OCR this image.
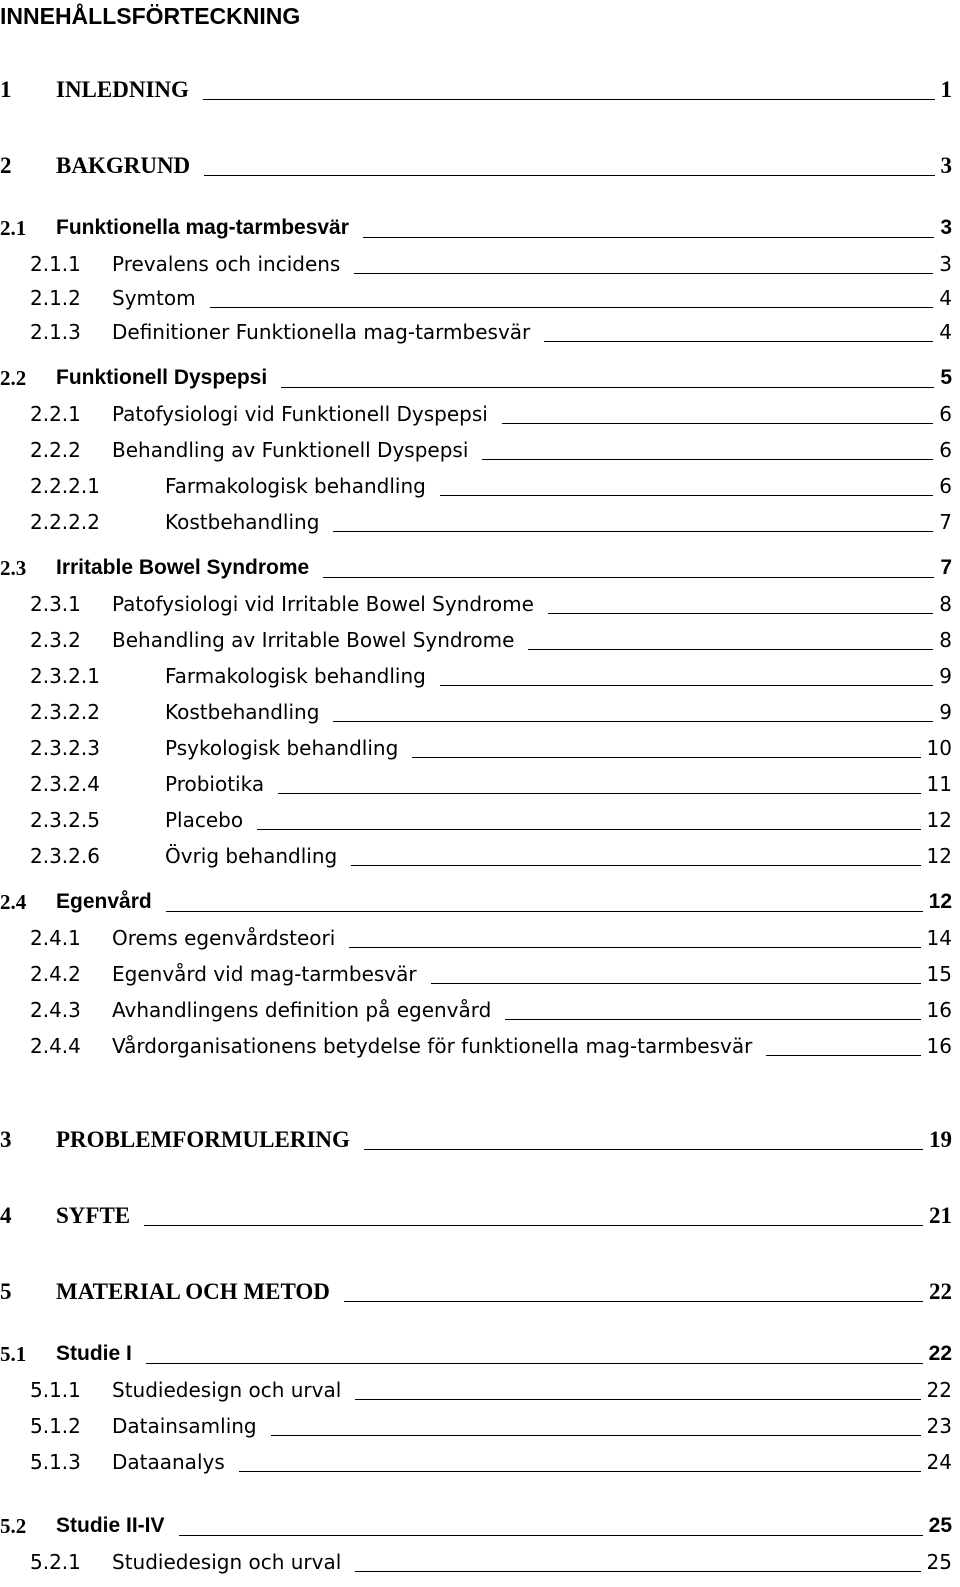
INNEHÅLLSFÖRTECKNING
1	INLEDNING	1
2	BAKGRUND	3
2.1	Funktionella mag-tarmbesvär	3
2.1.1	Prevalens och incidens	3
2.1.2	Symtom	4
2.1.3	Definitioner Funktionella mag-tarmbesvär	4
2.2	Funktionell Dyspepsi	5
2.2.1	Patofysiologi vid Funktionell Dyspepsi	6
2.2.2	Behandling av Funktionell Dyspepsi	6
2.2.2.1	Farmakologisk behandling	6
2.2.2.2	Kostbehandling	7
2.3	Irritable Bowel Syndrome	7
2.3.1	Patofysiologi vid Irritable Bowel Syndrome	8
2.3.2	Behandling av Irritable Bowel Syndrome	8
2.3.2.1	Farmakologisk behandling	9
2.3.2.2	Kostbehandling	9
2.3.2.3	Psykologisk behandling	10
2.3.2.4	Probiotika	11
2.3.2.5	Placebo	12
2.3.2.6	Övrig behandling	12
2.4	Egenvård	12
2.4.1	Orems egenvårdsteori	14
2.4.2	Egenvård vid mag-tarmbesvär	15
2.4.3	Avhandlingens definition på egenvård	16
2.4.4	Vårdorganisationens betydelse för funktionella mag-tarmbesvär	16
3	PROBLEMFORMULERING	19
4	SYFTE	21
5	MATERIAL OCH METOD	22
5.1	Studie I	22
5.1.1	Studiedesign och urval	22
5.1.2	Datainsamling	23
5.1.3	Dataanalys	24
5.2	Studie II-IV	25
5.2.1	Studiedesign och urval	25
